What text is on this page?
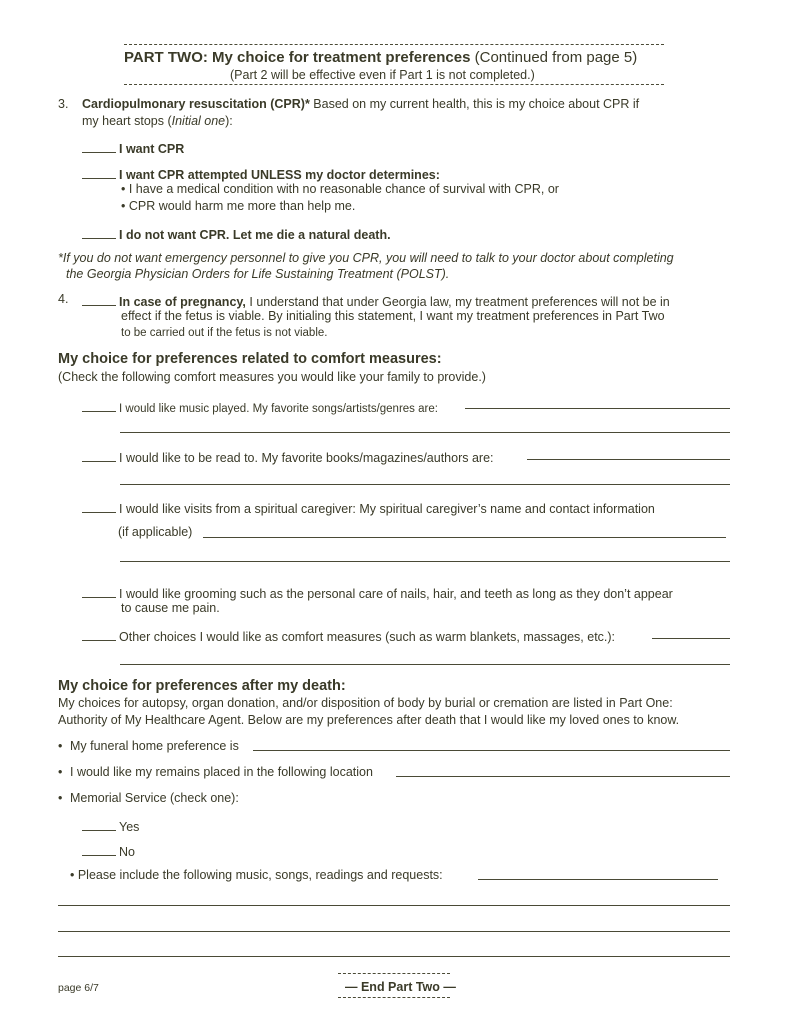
PART TWO: My choice for treatment preferences (Continued from page 5)
(Part 2 will be effective even if Part 1 is not completed.)
3. Cardiopulmonary resuscitation (CPR)* Based on my current health, this is my choice about CPR if
my heart stops (Initial one):
I want CPR
I want CPR attempted UNLESS my doctor determines:
• I have a medical condition with no reasonable chance of survival with CPR, or
• CPR would harm me more than help me.
I do not want CPR. Let me die a natural death.
*If you do not want emergency personnel to give you CPR, you will need to talk to your doctor about completing
the Georgia Physician Orders for Life Sustaining Treatment (POLST).
4.	In case of pregnancy, I understand that under Georgia law, my treatment preferences will not be in
effect if the fetus is viable. By initialing this statement, I want my treatment preferences in Part Two
to be carried out if the fetus is not viable.
My choice for preferences related to comfort measures:
(Check the following comfort measures you would like your family to provide.)
I would like music played. My favorite songs/artists/genres are:
I would like to be read to. My favorite books/magazines/authors are:
I would like visits from a spiritual caregiver: My spiritual caregiver’s name and contact information
(if applicable)
I would like grooming such as the personal care of nails, hair, and teeth as long as they don’t appear
to cause me pain.
Other choices I would like as comfort measures (such as warm blankets, massages, etc.):
My choice for preferences after my death:
My choices for autopsy, organ donation, and/or disposition of body by burial or cremation are listed in Part One:
Authority of My Healthcare Agent. Below are my preferences after death that I would like my loved ones to know.
• My funeral home preference is
• I would like my remains placed in the following location
• Memorial Service (check one):
Yes
No
• Please include the following music, songs, readings and requests:
page 6/7	— End Part Two —
